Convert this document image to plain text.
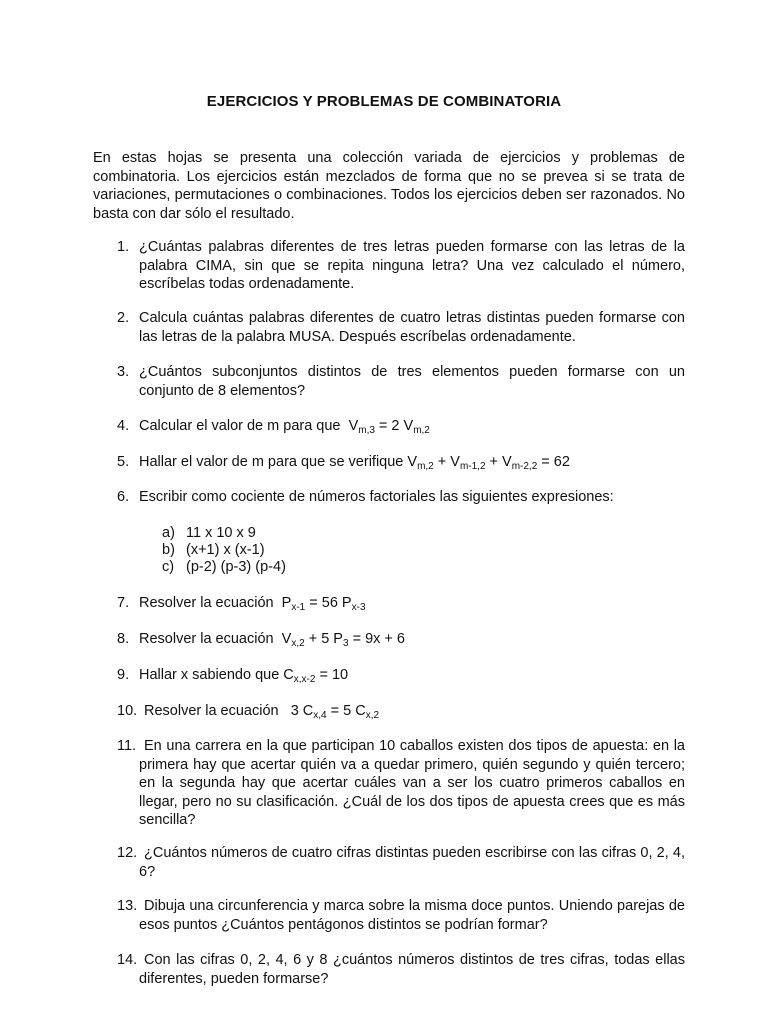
EJERCICIOS Y PROBLEMAS DE COMBINATORIA
En estas hojas se presenta una colección variada de ejercicios y problemas de combinatoria. Los ejercicios están mezclados de forma que no se prevea si se trata de variaciones, permutaciones o combinaciones. Todos los ejercicios deben ser razonados. No basta con dar sólo el resultado.
1. ¿Cuántas palabras diferentes de tres letras pueden formarse con las letras de la palabra CIMA, sin que se repita ninguna letra? Una vez calculado el número, escríbelas todas ordenadamente.
2. Calcula cuántas palabras diferentes de cuatro letras distintas pueden formarse con las letras de la palabra MUSA. Después escríbelas ordenadamente.
3. ¿Cuántos subconjuntos distintos de tres elementos pueden formarse con un conjunto de 8 elementos?
4. Calcular el valor de m para que $V_{m,3} = 2$ $V_{m,2}$
5. Hallar el valor de m para que se verifique $V_{m,2} + V_{m-1,2} + V_{m-2,2} = 62$
6. Escribir como cociente de números factoriales las siguientes expresiones:
a) 11 x 10 x 9
b) (x+1) x (x-1)
c) (p-2) (p-3) (p-4)
7. Resolver la ecuación $P_{x-1} = 56$ $P_{x-3}$
8. Resolver la ecuación $V_{x,2} + 5$ $P_3 = 9x + 6$
9. Hallar x sabiendo que $C_{x,x-2} = 10$
10. Resolver la ecuación 3 $C_{x,4} = 5$ $C_{x,2}$
11. En una carrera en la que participan 10 caballos existen dos tipos de apuesta: en la primera hay que acertar quién va a quedar primero, quién segundo y quién tercero; en la segunda hay que acertar cuáles van a ser los cuatro primeros caballos en llegar, pero no su clasificación. ¿Cuál de los dos tipos de apuesta crees que es más sencilla?
12. ¿Cuántos números de cuatro cifras distintas pueden escribirse con las cifras 0, 2, 4, 6?
13. Dibuja una circunferencia y marca sobre la misma doce puntos. Uniendo parejas de esos puntos ¿Cuántos pentágonos distintos se podrían formar?
14. Con las cifras 0, 2, 4, 6 y 8 ¿cuántos números distintos de tres cifras, todas ellas diferentes, pueden formarse?
